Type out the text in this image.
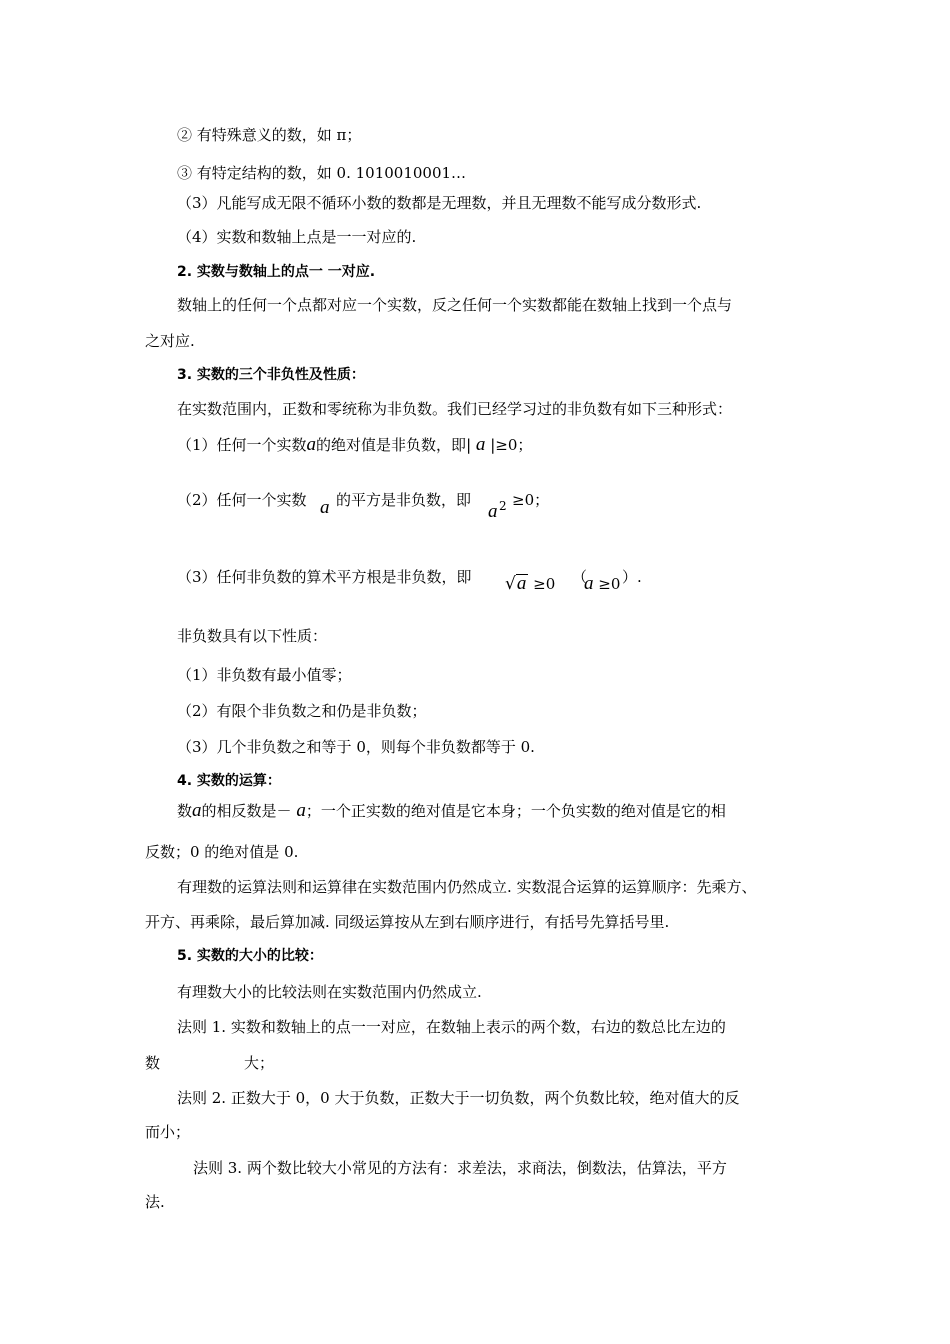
② 有特殊意义的数，如 π；
③ 有特定结构的数，如 0. 1010010001…
（3）凡能写成无限不循环小数的数都是无理数，并且无理数不能写成分数形式.
（4）实数和数轴上点是一一对应的.
2. 实数与数轴上的点一 一对应.
数轴上的任何一个点都对应一个实数，反之任何一个实数都能在数轴上找到一个点与
之对应.
3. 实数的三个非负性及性质：
在实数范围内，正数和零统称为非负数。我们已经学习过的非负数有如下三种形式：
（1）任何一个实数a的绝对值是非负数，即| a |≥0；
（2）任何一个实数 a 的平方是非负数，即
a 2 ≥0；
（3）任何非负数的算术平方根是非负数，即 √a ≥0 （
a ≥0 ）.
非负数具有以下性质：
（1）非负数有最小值零；
（2）有限个非负数之和仍是非负数；
（3）几个非负数之和等于 0，则每个非负数都等于 0.
4. 实数的运算：
数a的相反数是－ a；一个正实数的绝对值是它本身；一个负实数的绝对值是它的相
反数；0 的绝对值是 0.
有理数的运算法则和运算律在实数范围内仍然成立. 实数混合运算的运算顺序：先乘方、
开方、再乘除，最后算加减. 同级运算按从左到右顺序进行，有括号先算括号里.
5. 实数的大小的比较：
有理数大小的比较法则在实数范围内仍然成立.
法则 1. 实数和数轴上的点一一对应，在数轴上表示的两个数，右边的数总比左边的
数	大；
法则 2. 正数大于 0，0 大于负数，正数大于一切负数，两个负数比较，绝对值大的反
而小；
法则 3. 两个数比较大小常见的方法有：求差法，求商法，倒数法，估算法，平方
法.
